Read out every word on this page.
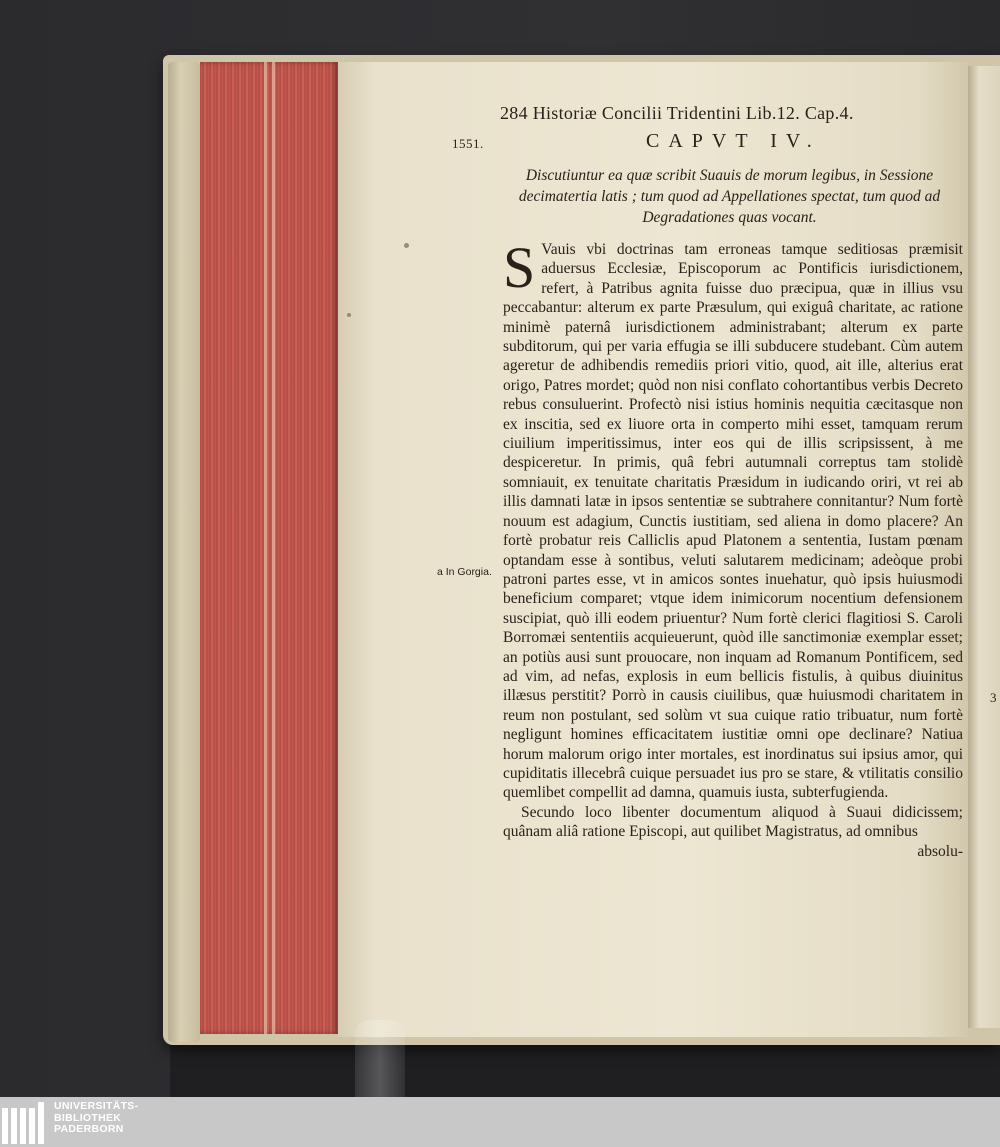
284 Historiæ Concilii Tridentini Lib.12. Cap.4.
1551.	CAPVT IV.
Discutiuntur ea quæ scribit Suauis de morum legibus, in Sessione decimatertia latis ; tum quod ad Appellationes spectat, tum quod ad Degradationes quas vocant.
S Vauis vbi doctrinas tam erroneas tamque seditiosas præmisit aduersus Ecclesiæ, Episcoporum ac Pontificis iurisdictionem, refert, à Patribus agnita fuisse duo præcipua, quæ in illius vsu peccabantur: alterum ex parte Præsulum, qui exiguâ charitate, ac ratione minimè paternâ iurisdictionem administrabant; alterum ex parte subditorum, qui per varia effugia se illi subducere studebant. Cùm autem ageretur de adhibendis remediis priori vitio, quod, ait ille, alterius erat origo, Patres mordet; quòd non nisi conflato cohortantibus verbis Decreto rebus consuluerint. Profectò nisi istius hominis nequitia cæcitasque non ex inscitia, sed ex liuore orta in comperto mihi esset, tamquam rerum ciuilium imperitissimus, inter eos qui de illis scripsissent, à me despiceretur. In primis, quâ febri autumnali correptus tam stolidè somniauit, ex tenuitate charitatis Præsidum in iudicando oriri, vt rei ab illis damnati latæ in ipsos sententiæ se subtrahere connitantur? Num fortè nouum est adagium, Cunctis iustitiam, sed aliena in domo placere? An fortè probatur reis Calliclis apud Platonem a sententia, Iustam pœnam optandam esse à sontibus, veluti salutarem medicinam; adeòque probi patroni partes esse, vt in amicos sontes inuehatur, quò ipsis huiusmodi beneficium comparet; vtque idem inimicorum nocentium defensionem suscipiat, quò illi eodem priuentur? Num fortè clerici flagitiosi S. Caroli Borromæi sententiis acquieuerunt, quòd ille sanctimoniæ exemplar esset; an potiùs ausi sunt prouocare, non inquam ad Romanum Pontificem, sed ad vim, ad nefas, explosis in eum bellicis fistulis, à quibus diuinitus illæsus perstitit? Porrò in causis ciuilibus, quæ huiusmodi charitatem in reum non postulant, sed solùm vt sua cuique ratio tribuatur, num fortè negligunt homines efficacitatem iustitiæ omni ope declinare? Natiua horum malorum origo inter mortales, est inordinatus sui ipsius amor, qui cupiditatis illecebrâ cuique persuadet ius pro se stare, & vtilitatis consilio quemlibet compellit ad damna, quamuis iusta, subterfugienda.
Secundo loco libenter documentum aliquod à Suaui didicissem; quânam aliâ ratione Episcopi, aut quilibet Magistratus, ad omnibus
absolu-
a In Gorgia.
3
UNIVERSITÄTS-
BIBLIOTHEK
PADERBORN
